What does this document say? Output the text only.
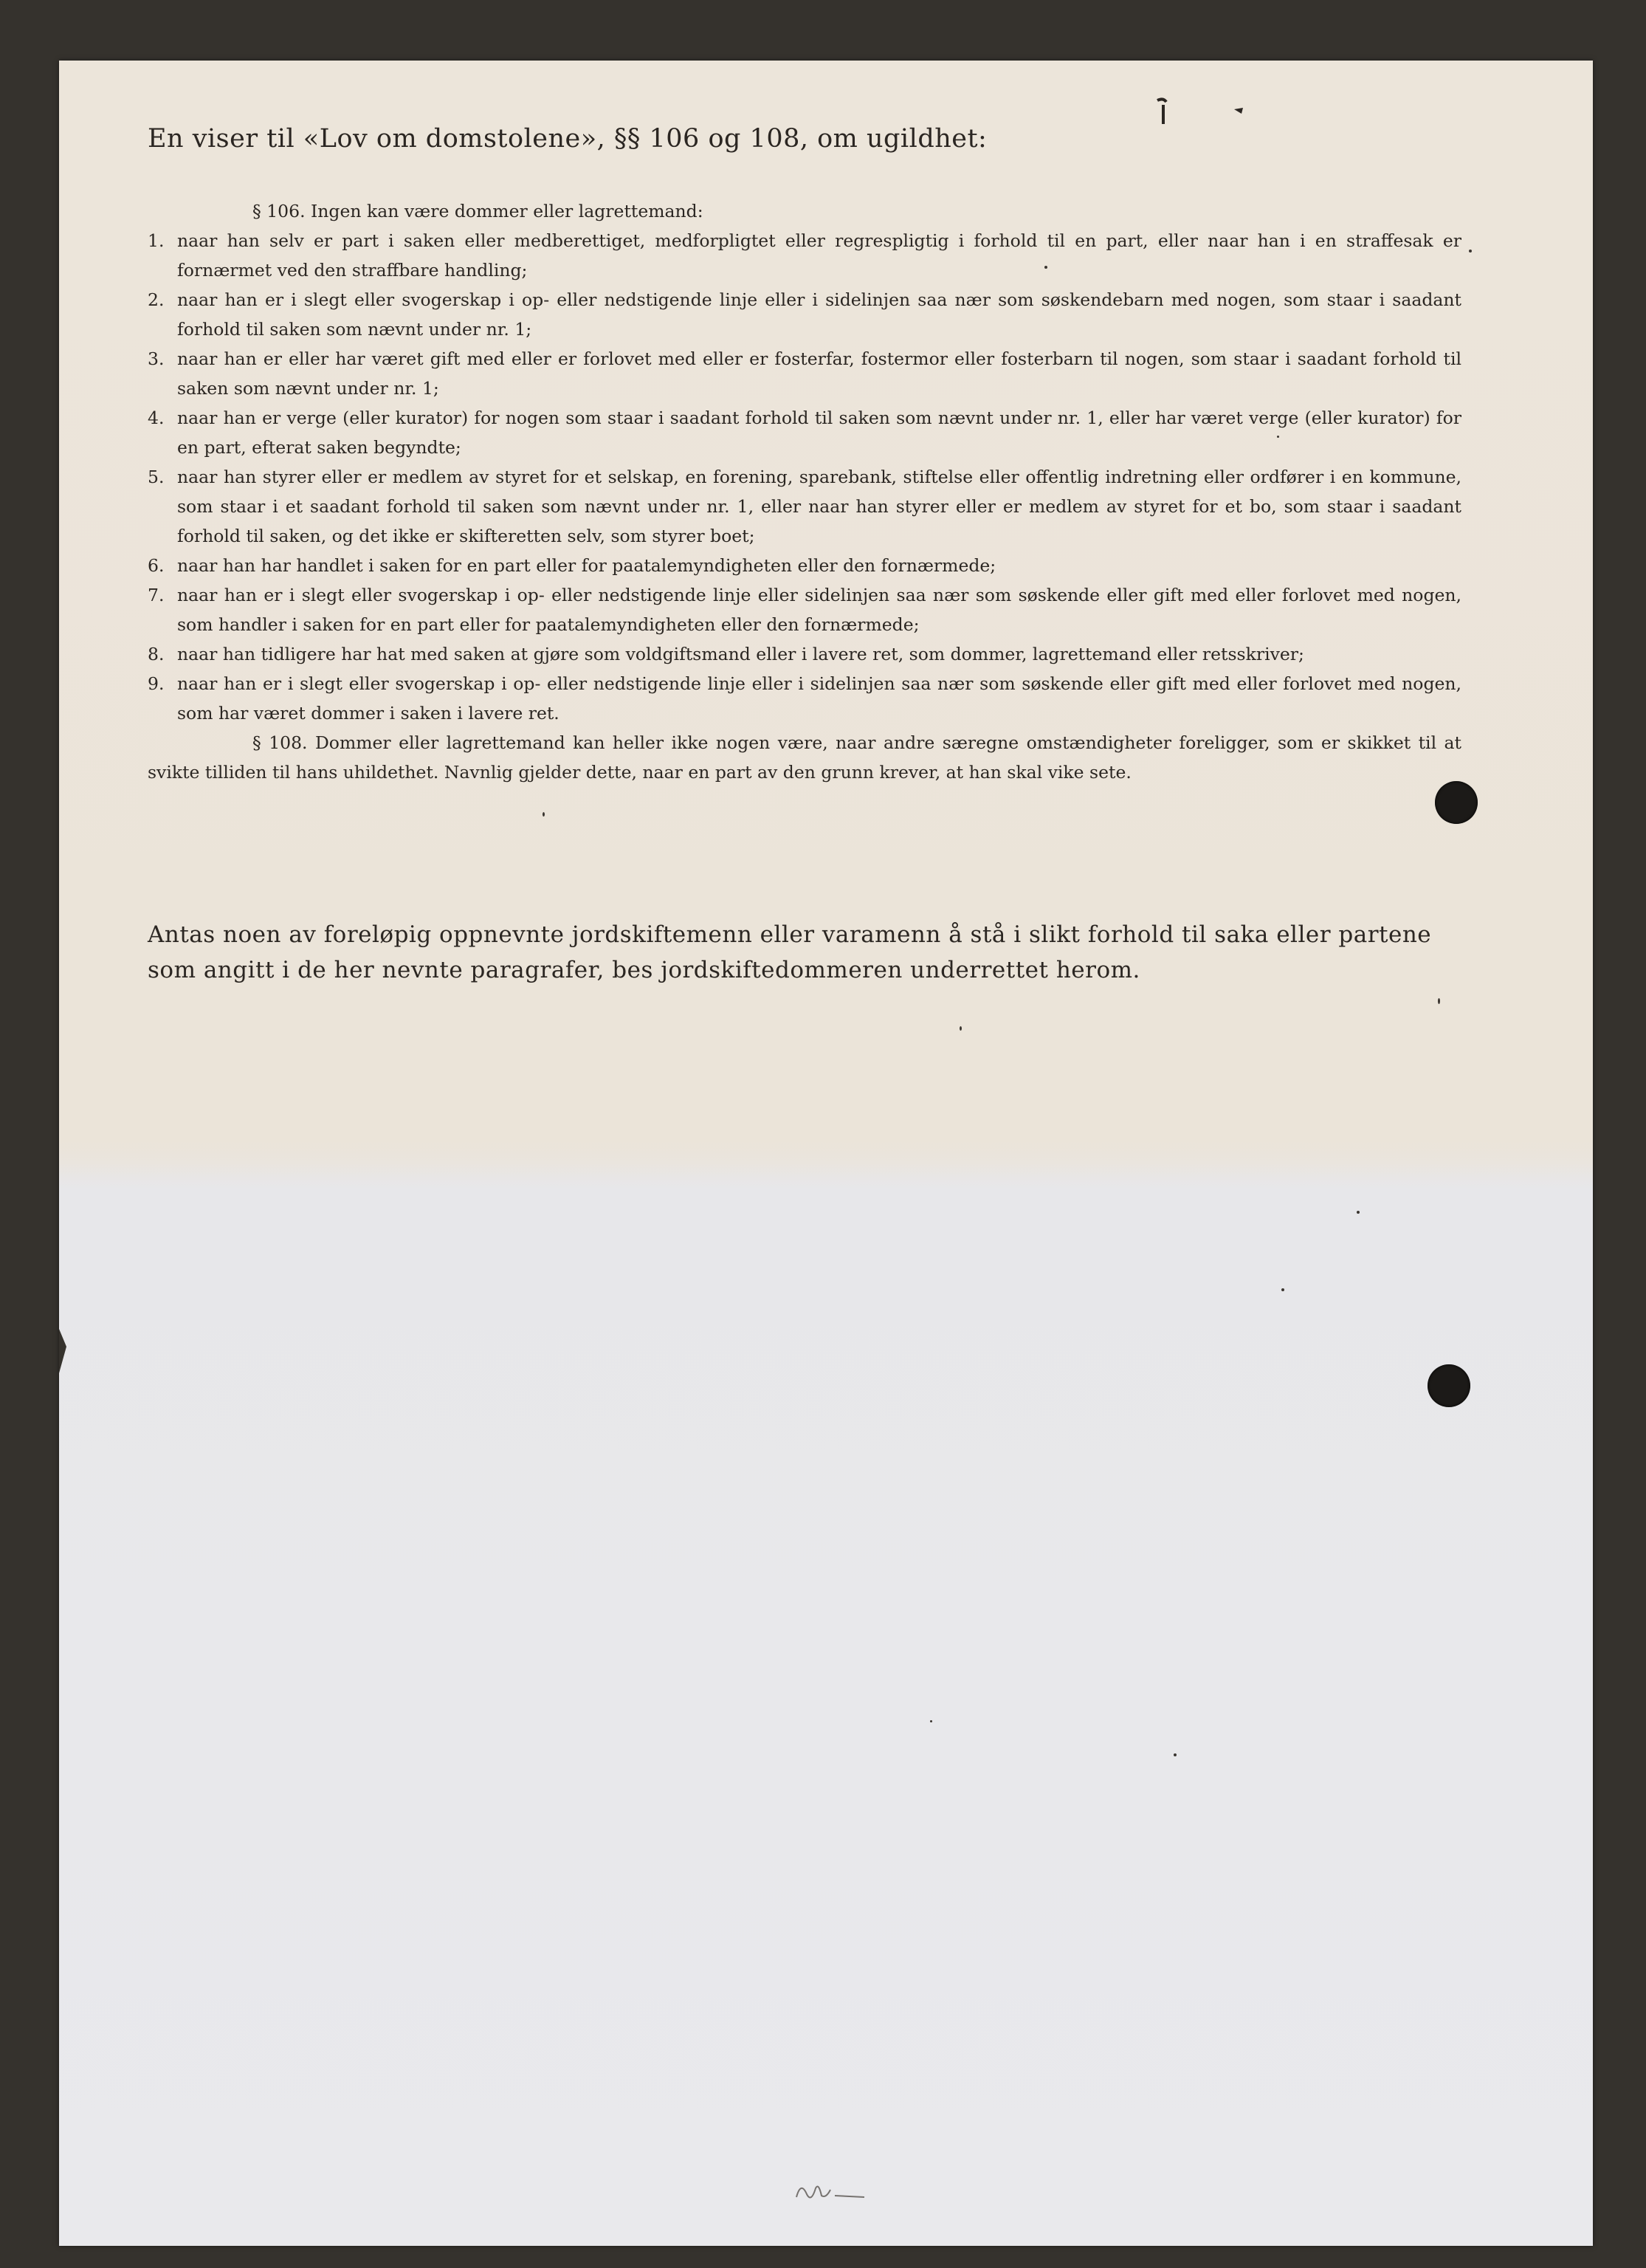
En viser til «Lov om domstolene», §§ 106 og 108, om ugildhet:
§ 106. Ingen kan være dommer eller lagrettemand:
1. naar han selv er part i saken eller medberettiget, medforpligtet eller regrespligtig i forhold til en part, eller naar han i en straffesak er fornærmet ved den straffbare handling;
2. naar han er i slegt eller svogerskap i op- eller nedstigende linje eller i sidelinjen saa nær som søskendebarn med nogen, som staar i saadant forhold til saken som nævnt under nr. 1;
3. naar han er eller har været gift med eller er forlovet med eller er fosterfar, fostermor eller fosterbarn til nogen, som staar i saadant forhold til saken som nævnt under nr. 1;
4. naar han er verge (eller kurator) for nogen som staar i saadant forhold til saken som nævnt under nr. 1, eller har været verge (eller kurator) for en part, efterat saken begyndte;
5. naar han styrer eller er medlem av styret for et selskap, en forening, sparebank, stiftelse eller offentlig indretning eller ordfører i en kommune, som staar i et saadant forhold til saken som nævnt under nr. 1, eller naar han styrer eller er medlem av styret for et bo, som staar i saadant forhold til saken, og det ikke er skifteretten selv, som styrer boet;
6. naar han har handlet i saken for en part eller for paatalemyndigheten eller den fornærmede;
7. naar han er i slegt eller svogerskap i op- eller nedstigende linje eller sidelinjen saa nær som søskende eller gift med eller forlovet med nogen, som handler i saken for en part eller for paatalemyndigheten eller den fornærmede;
8. naar han tidligere har hat med saken at gjøre som voldgiftsmand eller i lavere ret, som dommer, lagrettemand eller retsskriver;
9. naar han er i slegt eller svogerskap i op- eller nedstigende linje eller i sidelinjen saa nær som søskende eller gift med eller forlovet med nogen, som har været dommer i saken i lavere ret.
§ 108. Dommer eller lagrettemand kan heller ikke nogen være, naar andre særegne omstændigheter foreligger, som er skikket til at svikte tilliden til hans uhildethet. Navnlig gjelder dette, naar en part av den grunn krever, at han skal vike sete.
Antas noen av foreløpig oppnevnte jordskiftemenn eller varamenn å stå i slikt forhold til saka eller partene som angitt i de her nevnte paragrafer, bes jordskiftedommeren underrettet herom.
